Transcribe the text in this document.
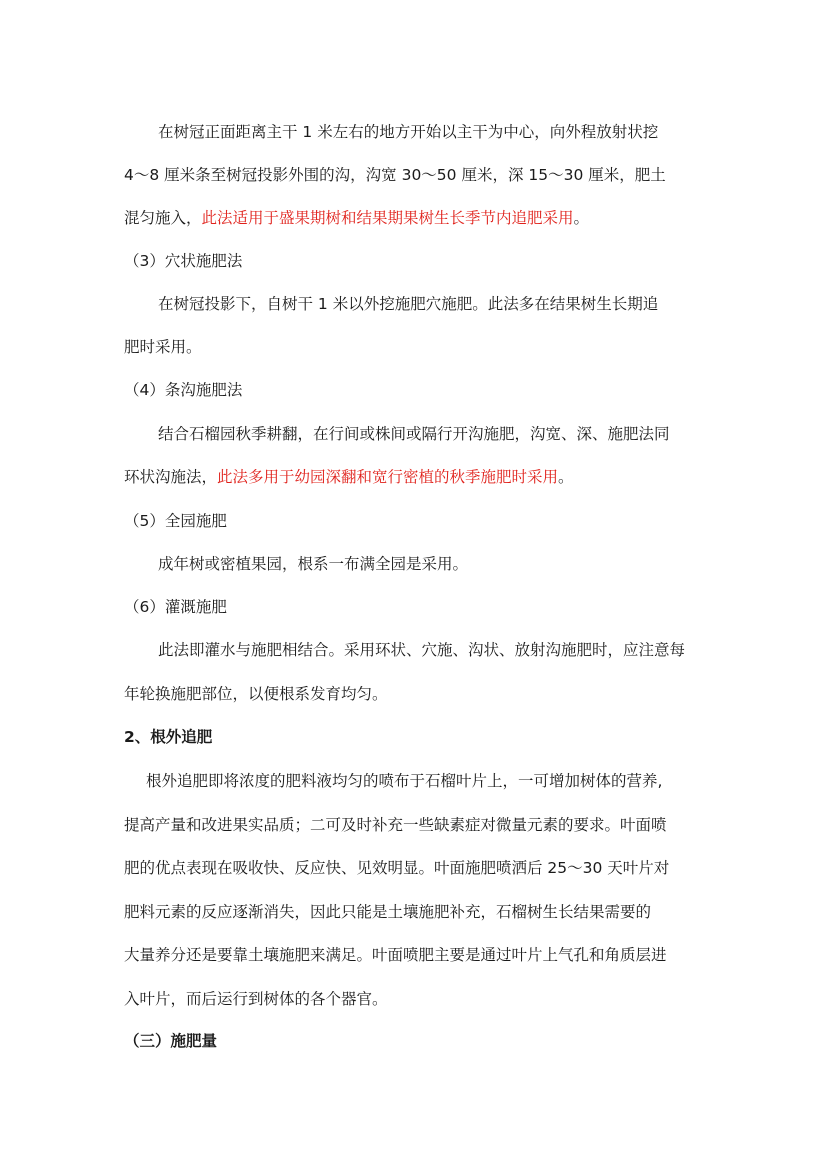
在树冠正面距离主干 1 米左右的地方开始以主干为中心，向外程放射状挖
4～8 厘米条至树冠投影外围的沟，沟宽 30～50 厘米，深 15～30 厘米，肥土
混匀施入，此法适用于盛果期树和结果期果树生长季节内追肥采用。
（3）穴状施肥法
在树冠投影下，自树干 1 米以外挖施肥穴施肥。此法多在结果树生长期追
肥时采用。
（4）条沟施肥法
结合石榴园秋季耕翻，在行间或株间或隔行开沟施肥，沟宽、深、施肥法同
环状沟施法，此法多用于幼园深翻和宽行密植的秋季施肥时采用。
（5）全园施肥
成年树或密植果园，根系一布满全园是采用。
（6）灌溉施肥
此法即灌水与施肥相结合。采用环状、穴施、沟状、放射沟施肥时，应注意每
年轮换施肥部位，以便根系发育均匀。
2、根外追肥
根外追肥即将浓度的肥料液均匀的喷布于石榴叶片上，一可增加树体的营养,
提高产量和改进果实品质；二可及时补充一些缺素症对微量元素的要求。叶面喷
肥的优点表现在吸收快、反应快、见效明显。叶面施肥喷洒后 25～30 天叶片对
肥料元素的反应逐渐消失，因此只能是土壤施肥补充，石榴树生长结果需要的
大量养分还是要靠土壤施肥来满足。叶面喷肥主要是通过叶片上气孔和角质层进
入叶片，而后运行到树体的各个器官。
（三）施肥量
